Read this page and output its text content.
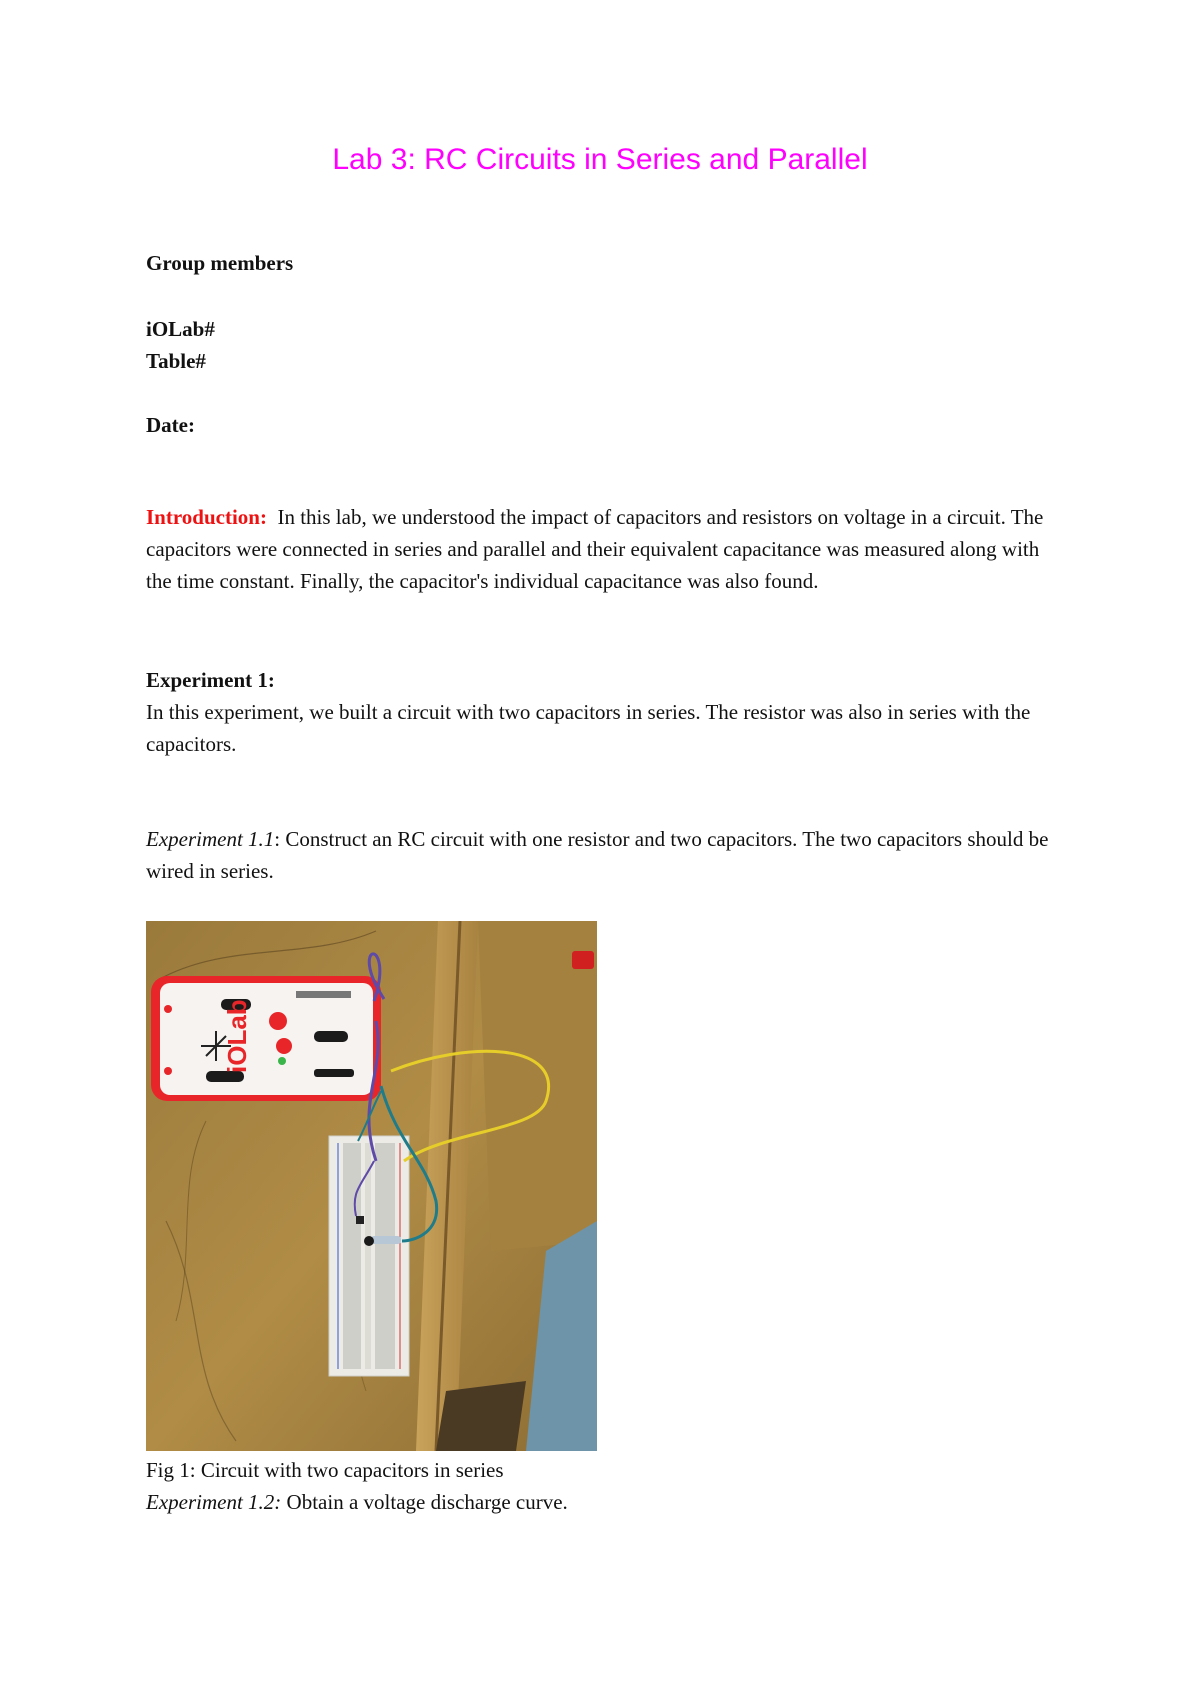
Lab 3: RC Circuits in Series and Parallel
Group members
iOLab#
Table#
Date:
Introduction: In this lab, we understood the impact of capacitors and resistors on voltage in a circuit. The capacitors were connected in series and parallel and their equivalent capacitance was measured along with the time constant. Finally, the capacitor's individual capacitance was also found.
Experiment 1:
In this experiment, we built a circuit with two capacitors in series. The resistor was also in series with the capacitors.
Experiment 1.1: Construct an RC circuit with one resistor and two capacitors. The two capacitors should be wired in series.
iOLab
Fig 1: Circuit with two capacitors in series
Experiment 1.2: Obtain a voltage discharge curve.
